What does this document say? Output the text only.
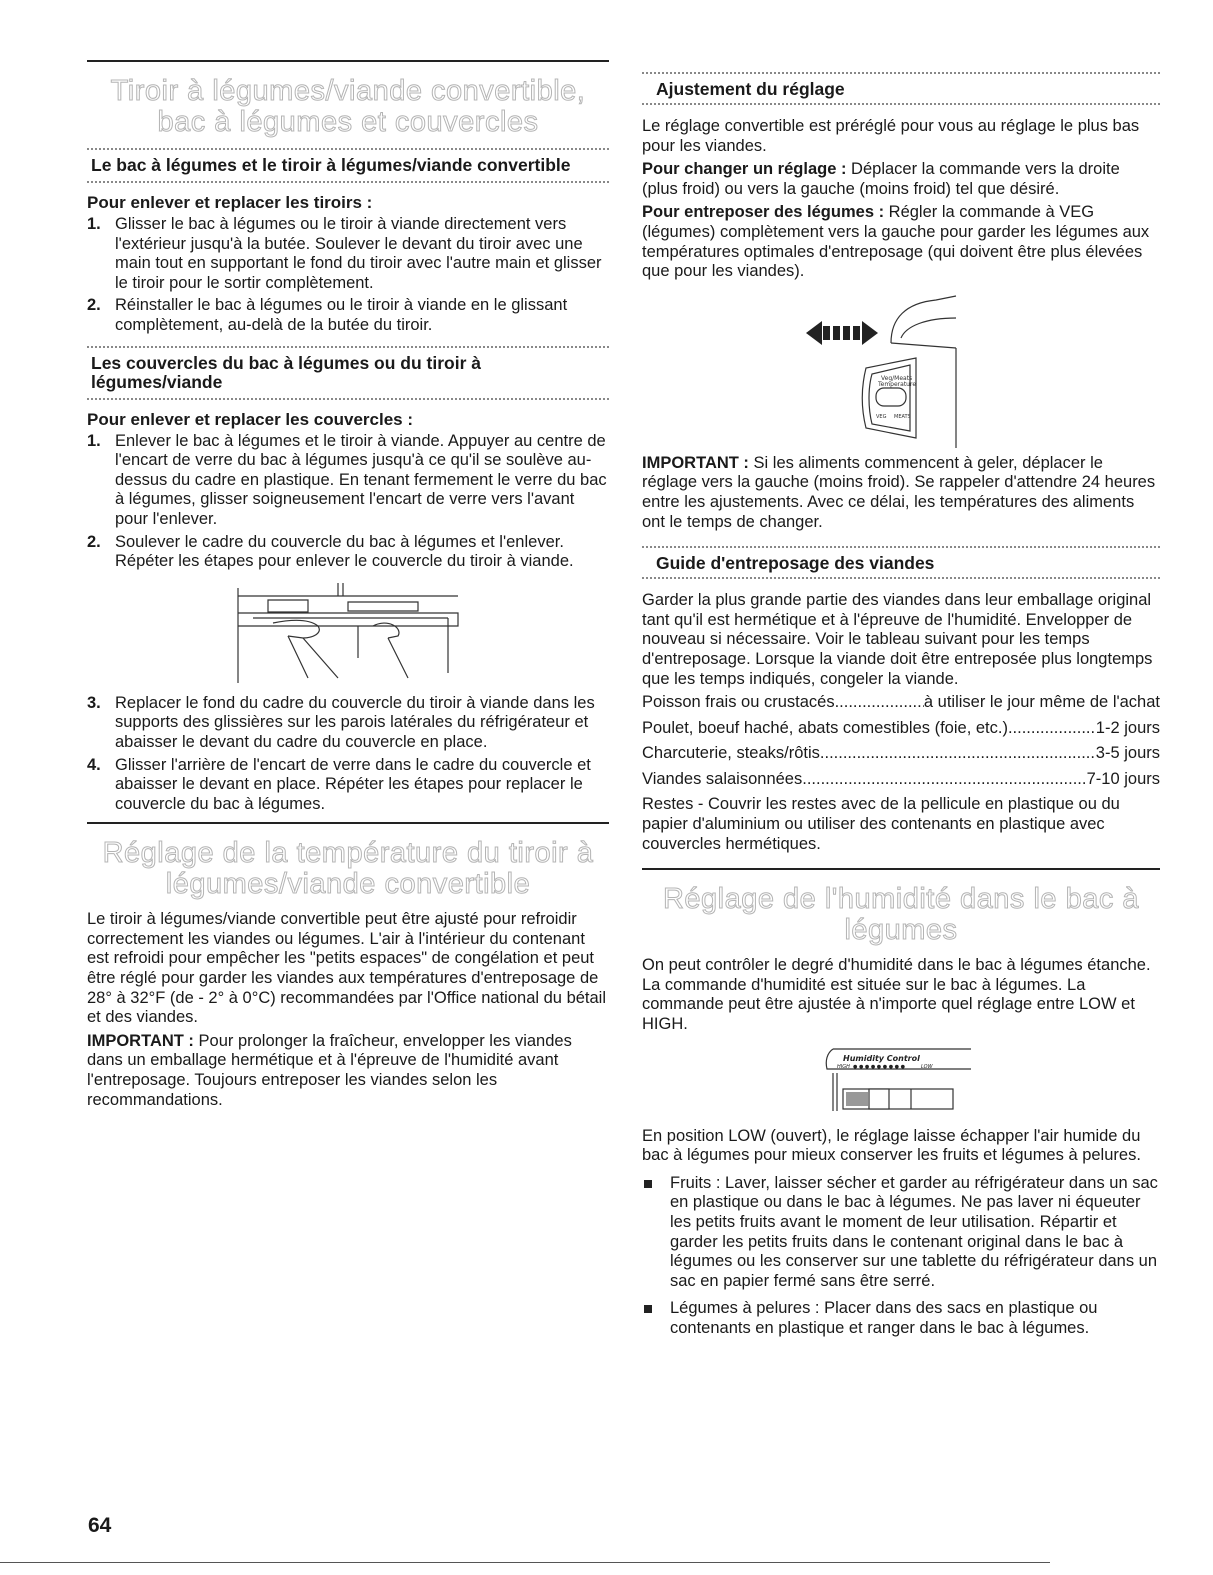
Tiroir à légumes/viande convertible,
bac à légumes et couvercles
Le bac à légumes et le tiroir à légumes/viande convertible
Pour enlever et replacer les tiroirs :
1. Glisser le bac à légumes ou le tiroir à viande directement vers l'extérieur jusqu'à la butée. Soulever le devant du tiroir avec une main tout en supportant le fond du tiroir avec l'autre main et glisser le tiroir pour le sortir complètement.
2. Réinstaller le bac à légumes ou le tiroir à viande en le glissant complètement, au-delà de la butée du tiroir.
Les couvercles du bac à légumes ou du tiroir à légumes/viande
Pour enlever et replacer les couvercles :
1. Enlever le bac à légumes et le tiroir à viande. Appuyer au centre de l'encart de verre du bac à légumes jusqu'à ce qu'il se soulève au-dessus du cadre en plastique. En tenant fermement le verre du bac à légumes, glisser soigneusement l'encart de verre vers l'avant pour l'enlever.
2. Soulever le cadre du couvercle du bac à légumes et l'enlever. Répéter les étapes pour enlever le couvercle du tiroir à viande.
3. Replacer le fond du cadre du couvercle du tiroir à viande dans les supports des glissières sur les parois latérales du réfrigérateur et abaisser le devant du cadre du couvercle en place.
4. Glisser l'arrière de l'encart de verre dans le cadre du couvercle et abaisser le devant en place. Répéter les étapes pour replacer le couvercle du bac à légumes.
Réglage de la température du tiroir à
légumes/viande convertible

Le tiroir à légumes/viande convertible peut être ajusté pour refroidir correctement les viandes ou légumes. L'air à l'intérieur du contenant est refroidi pour empêcher les "petits espaces" de congélation et peut être réglé pour garder les viandes aux températures d'entreposage de 28° à 32°F (de - 2° à 0°C) recommandées par l'Office national du bétail et des viandes.

IMPORTANT : Pour prolonger la fraîcheur, envelopper les viandes dans un emballage hermétique et à l'épreuve de l'humidité avant l'entreposage. Toujours entreposer les viandes selon les recommandations.

Ajustement du réglage

Le réglage convertible est préréglé pour vous au réglage le plus bas pour les viandes.

Pour changer un réglage : Déplacer la commande vers la droite (plus froid) ou vers la gauche (moins froid) tel que désiré.

Pour entreposer des légumes : Régler la commande à VEG (légumes) complètement vers la gauche pour garder les légumes aux températures optimales d'entreposage (qui doivent être plus élevées que pour les viandes).

Veg/Meats
Temperature
VEG MEATS

IMPORTANT : Si les aliments commencent à geler, déplacer le réglage vers la gauche (moins froid). Se rappeler d'attendre 24 heures entre les ajustements. Avec ce délai, les températures des aliments ont le temps de changer.

Guide d'entreposage des viandes

Garder la plus grande partie des viandes dans leur emballage original tant qu'il est hermétique et à l'épreuve de l'humidité. Envelopper de nouveau si nécessaire. Voir le tableau suivant pour les temps d'entreposage. Lorsque la viande doit être entreposée plus longtemps que les temps indiqués, congeler la viande.

Poisson frais ou crustacés .....	à utiliser le jour même de l'achat
Poulet, boeuf haché, abats comestibles (foie, etc.) .....	1-2 jours
Charcuterie, steaks/rôtis .....	3-5 jours
Viandes salaisonnées .....	7-10 jours

Restes - Couvrir les restes avec de la pellicule en plastique ou du papier d'aluminium ou utiliser des contenants en plastique avec couvercles hermétiques.

Réglage de l'humidité dans le bac à
légumes

On peut contrôler le degré d'humidité dans le bac à légumes étanche. La commande d'humidité est située sur le bac à légumes. La commande peut être ajustée à n'importe quel réglage entre LOW et HIGH.

Humidity Control
HIGH ● ● ● ● ● ● ● ● ●	LOW

En position LOW (ouvert), le réglage laisse échapper l'air humide du bac à légumes pour mieux conserver les fruits et légumes à pelures.

Fruits : Laver, laisser sécher et garder au réfrigérateur dans un sac en plastique ou dans le bac à légumes. Ne pas laver ni équeuter les petits fruits avant le moment de leur utilisation. Répartir et garder les petits fruits dans le contenant original dans le bac à légumes ou les conserver sur une tablette du réfrigérateur dans un sac en papier fermé sans être serré.
Légumes à pelures : Placer dans des sacs en plastique ou contenants en plastique et ranger dans le bac à légumes.
64
